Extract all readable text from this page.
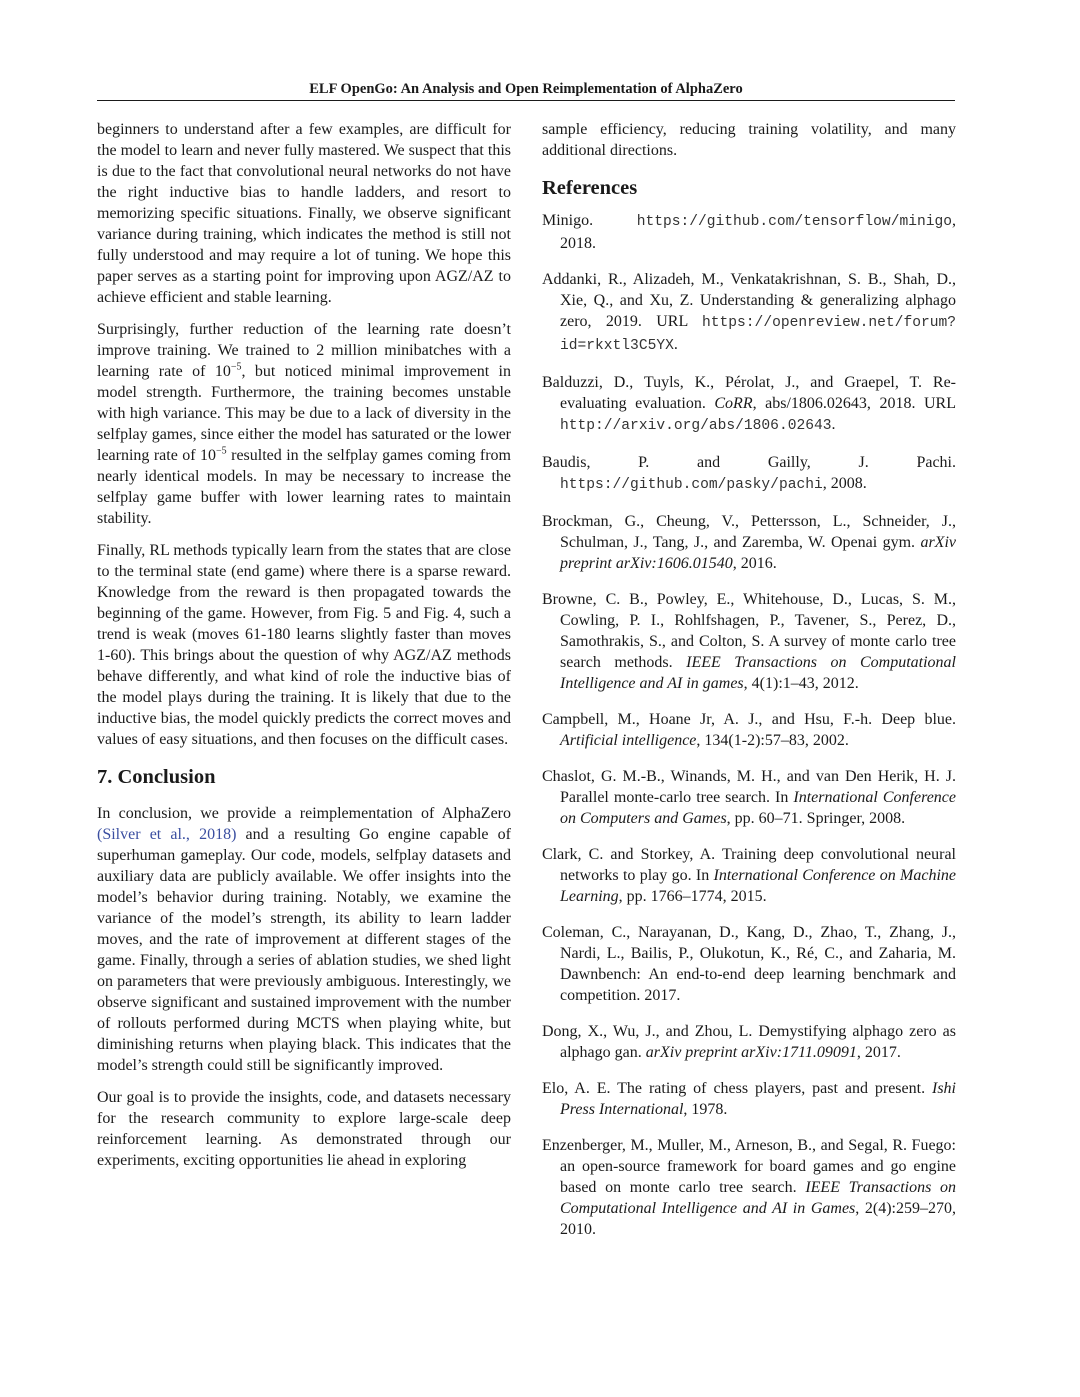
ELF OpenGo: An Analysis and Open Reimplementation of AlphaZero

beginners to understand after a few examples, are difficult for the model to learn and never fully mastered. We suspect that this is due to the fact that convolutional neural networks do not have the right inductive bias to handle ladders, and resort to memorizing specific situations. Finally, we observe significant variance during training, which indicates the method is still not fully understood and may require a lot of tuning. We hope this paper serves as a starting point for improving upon AGZ/AZ to achieve efficient and stable learning.

Surprisingly, further reduction of the learning rate doesn’t improve training. We trained to 2 million minibatches with a learning rate of $10^{-5}$, but noticed minimal improvement in model strength. Furthermore, the training becomes unstable with high variance. This may be due to a lack of diversity in the selfplay games, since either the model has saturated or the lower learning rate of $10^{-5}$ resulted in the selfplay games coming from nearly identical models. In may be necessary to increase the selfplay game buffer with lower learning rates to maintain stability.

Finally, RL methods typically learn from the states that are close to the terminal state (end game) where there is a sparse reward. Knowledge from the reward is then propagated towards the beginning of the game. However, from Fig. 5 and Fig. 4, such a trend is weak (moves 61-180 learns slightly faster than moves 1-60). This brings about the question of why AGZ/AZ methods behave differently, and what kind of role the inductive bias of the model plays during the training. It is likely that due to the inductive bias, the model quickly predicts the correct moves and values of easy situations, and then focuses on the difficult cases.

7. Conclusion

In conclusion, we provide a reimplementation of AlphaZero (Silver et al., 2018) and a resulting Go engine capable of superhuman gameplay. Our code, models, selfplay datasets and auxiliary data are publicly available. We offer insights into the model’s behavior during training. Notably, we examine the variance of the model’s strength, its ability to learn ladder moves, and the rate of improvement at different stages of the game. Finally, through a series of ablation studies, we shed light on parameters that were previously ambiguous. Interestingly, we observe significant and sustained improvement with the number of rollouts performed during MCTS when playing white, but diminishing returns when playing black. This indicates that the model’s strength could still be significantly improved.

Our goal is to provide the insights, code, and datasets necessary for the research community to explore large-scale deep reinforcement learning. As demonstrated through our experiments, exciting opportunities lie ahead in exploring

sample efficiency, reducing training volatility, and many additional directions.

References
Minigo. https://github.com/tensorflow/minigo, 2018.
Addanki, R., Alizadeh, M., Venkatakrishnan, S. B., Shah, D., Xie, Q., and Xu, Z. Understanding & generalizing alphago zero, 2019. URL https://openreview.net/forum?id=rkxtl3C5YX.
Balduzzi, D., Tuyls, K., Pérolat, J., and Graepel, T. Re-evaluating evaluation. CoRR, abs/1806.02643, 2018. URL http://arxiv.org/abs/1806.02643.
Baudis, P. and Gailly, J. Pachi. https://github.com/pasky/pachi, 2008.
Brockman, G., Cheung, V., Pettersson, L., Schneider, J., Schulman, J., Tang, J., and Zaremba, W. Openai gym. arXiv preprint arXiv:1606.01540, 2016.
Browne, C. B., Powley, E., Whitehouse, D., Lucas, S. M., Cowling, P. I., Rohlfshagen, P., Tavener, S., Perez, D., Samothrakis, S., and Colton, S. A survey of monte carlo tree search methods. IEEE Transactions on Computational Intelligence and AI in games, 4(1):1–43, 2012.
Campbell, M., Hoane Jr, A. J., and Hsu, F.-h. Deep blue. Artificial intelligence, 134(1-2):57–83, 2002.
Chaslot, G. M.-B., Winands, M. H., and van Den Herik, H. J. Parallel monte-carlo tree search. In International Conference on Computers and Games, pp. 60–71. Springer, 2008.
Clark, C. and Storkey, A. Training deep convolutional neural networks to play go. In International Conference on Machine Learning, pp. 1766–1774, 2015.
Coleman, C., Narayanan, D., Kang, D., Zhao, T., Zhang, J., Nardi, L., Bailis, P., Olukotun, K., Ré, C., and Zaharia, M. Dawnbench: An end-to-end deep learning benchmark and competition. 2017.
Dong, X., Wu, J., and Zhou, L. Demystifying alphago zero as alphago gan. arXiv preprint arXiv:1711.09091, 2017.
Elo, A. E. The rating of chess players, past and present. Ishi Press International, 1978.
Enzenberger, M., Muller, M., Arneson, B., and Segal, R. Fuego: an open-source framework for board games and go engine based on monte carlo tree search. IEEE Transactions on Computational Intelligence and AI in Games, 2(4):259–270, 2010.
